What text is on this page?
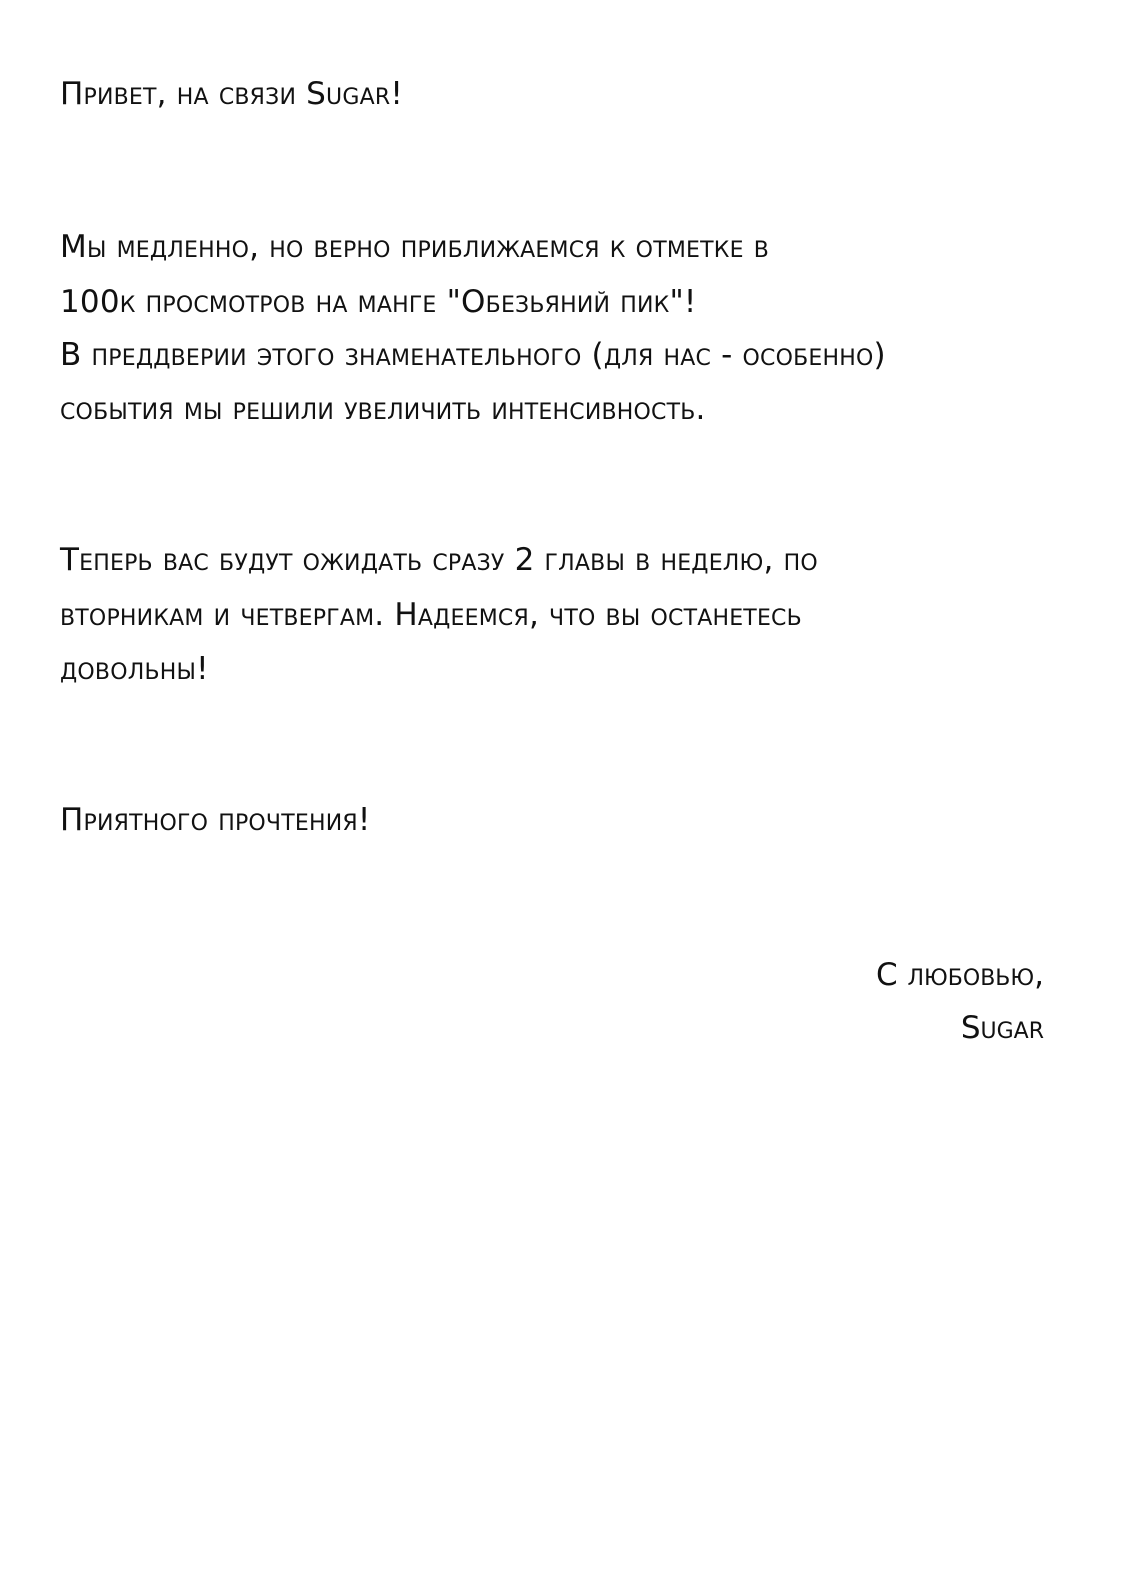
Привет, на связи Sugar!

Мы медленно, но верно приближаемся к отметке в

100к просмотров на манге "Обезьяний пик"!

В преддверии этого знаменательного (для нас - особенно)

события мы решили увеличить интенсивность.

Теперь вас будут ожидать сразу 2 главы в неделю, по

вторникам и четвергам. Надеемся, что вы останетесь

довольны!

Приятного прочтения!

С любовью,

Sugar
